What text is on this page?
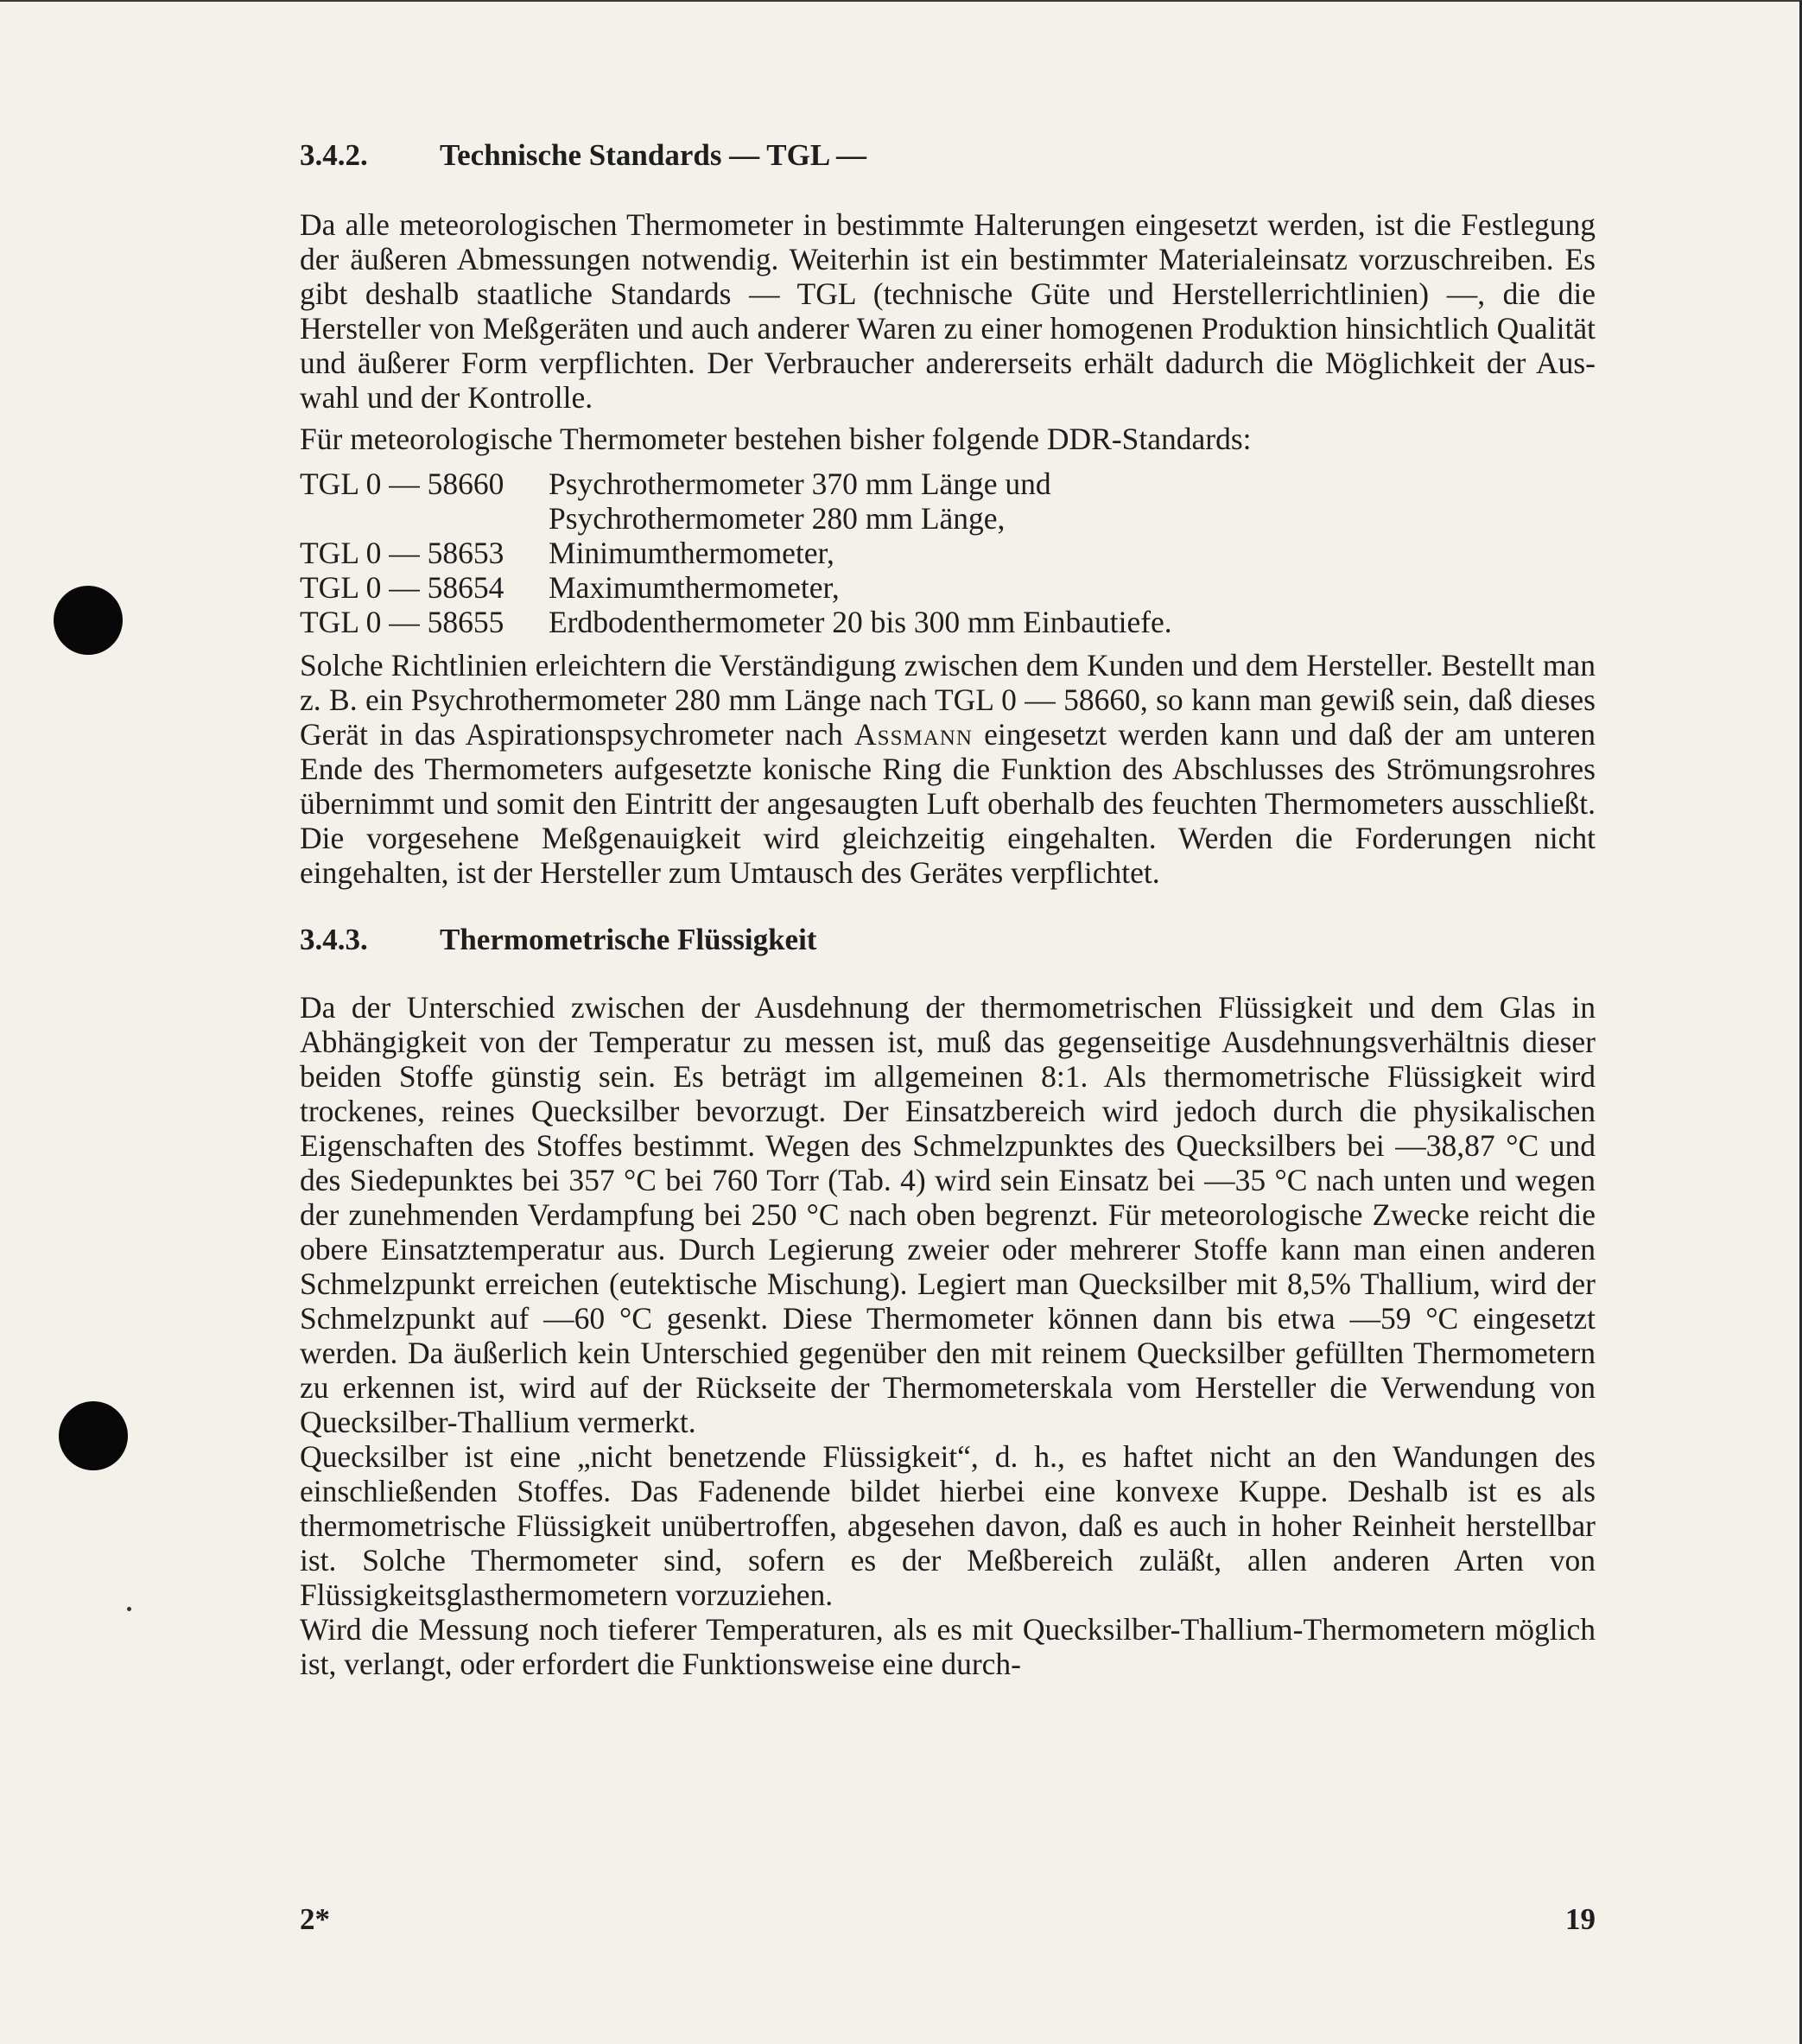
3.4.2.	Technische Standards — TGL —

Da alle meteorologischen Thermometer in bestimmte Halterungen eingesetzt werden, ist die Festlegung der äußeren Abmessungen notwendig. Weiterhin ist ein bestimmter Materialeinsatz vorzuschreiben. Es gibt deshalb staatliche Standards — TGL (technische Güte und Herstellerrichtlinien) —, die die Hersteller von Meßgeräten und auch anderer Waren zu einer homogenen Produktion hinsichtlich Qualität und äußerer Form verpflichten. Der Verbraucher andererseits erhält dadurch die Möglichkeit der Auswahl und der Kontrolle.

Für meteorologische Thermometer bestehen bisher folgende DDR-Standards:

TGL 0 — 58660	Psychrothermometer 370 mm Länge und
Psychrothermometer 280 mm Länge,
TGL 0 — 58653	Minimumthermometer,
TGL 0 — 58654	Maximumthermometer,
TGL 0 — 58655	Erdbodenthermometer 20 bis 300 mm Einbautiefe.

Solche Richtlinien erleichtern die Verständigung zwischen dem Kunden und dem Hersteller. Bestellt man z. B. ein Psychrothermometer 280 mm Länge nach TGL 0 — 58660, so kann man gewiß sein, daß dieses Gerät in das Aspirationspsychrometer nach Assmann eingesetzt werden kann und daß der am unteren Ende des Thermometers aufgesetzte konische Ring die Funktion des Abschlusses des Strömungsrohres übernimmt und somit den Eintritt der angesaugten Luft oberhalb des feuchten Thermometers ausschließt. Die vorgesehene Meßgenauigkeit wird gleichzeitig eingehalten. Werden die Forderungen nicht eingehalten, ist der Hersteller zum Umtausch des Gerätes verpflichtet.

3.4.3.	Thermometrische Flüssigkeit

Da der Unterschied zwischen der Ausdehnung der thermometrischen Flüssigkeit und dem Glas in Abhängigkeit von der Temperatur zu messen ist, muß das gegenseitige Ausdehnungsverhältnis dieser beiden Stoffe günstig sein. Es beträgt im allgemeinen 8:1. Als thermometrische Flüssigkeit wird trockenes, reines Quecksilber bevorzugt. Der Einsatzbereich wird jedoch durch die physikalischen Eigenschaften des Stoffes bestimmt. Wegen des Schmelzpunktes des Quecksilbers bei —38,87 °C und des Siedepunktes bei 357 °C bei 760 Torr (Tab. 4) wird sein Einsatz bei —35 °C nach unten und wegen der zunehmenden Verdampfung bei 250 °C nach oben begrenzt. Für meteorologische Zwecke reicht die obere Einsatztemperatur aus. Durch Legierung zweier oder mehrerer Stoffe kann man einen anderen Schmelzpunkt erreichen (eutektische Mischung). Legiert man Quecksilber mit 8,5% Thallium, wird der Schmelzpunkt auf —60 °C gesenkt. Diese Thermometer können dann bis etwa —59 °C eingesetzt werden. Da äußerlich kein Unterschied gegenüber den mit reinem Quecksilber gefüllten Thermometern zu erkennen ist, wird auf der Rückseite der Thermometerskala vom Hersteller die Verwendung von Quecksilber-Thallium vermerkt.

Quecksilber ist eine „nicht benetzende Flüssigkeit“, d. h., es haftet nicht an den Wandungen des einschließenden Stoffes. Das Fadenende bildet hierbei eine konvexe Kuppe. Deshalb ist es als thermometrische Flüssigkeit unübertroffen, abgesehen davon, daß es auch in hoher Reinheit herstellbar ist. Solche Thermometer sind, sofern es der Meßbereich zuläßt, allen anderen Arten von Flüssigkeitsglasthermometern vorzuziehen.

Wird die Messung noch tieferer Temperaturen, als es mit Quecksilber-Thallium-Thermometern möglich ist, verlangt, oder erfordert die Funktionsweise eine durch-

2*	19
